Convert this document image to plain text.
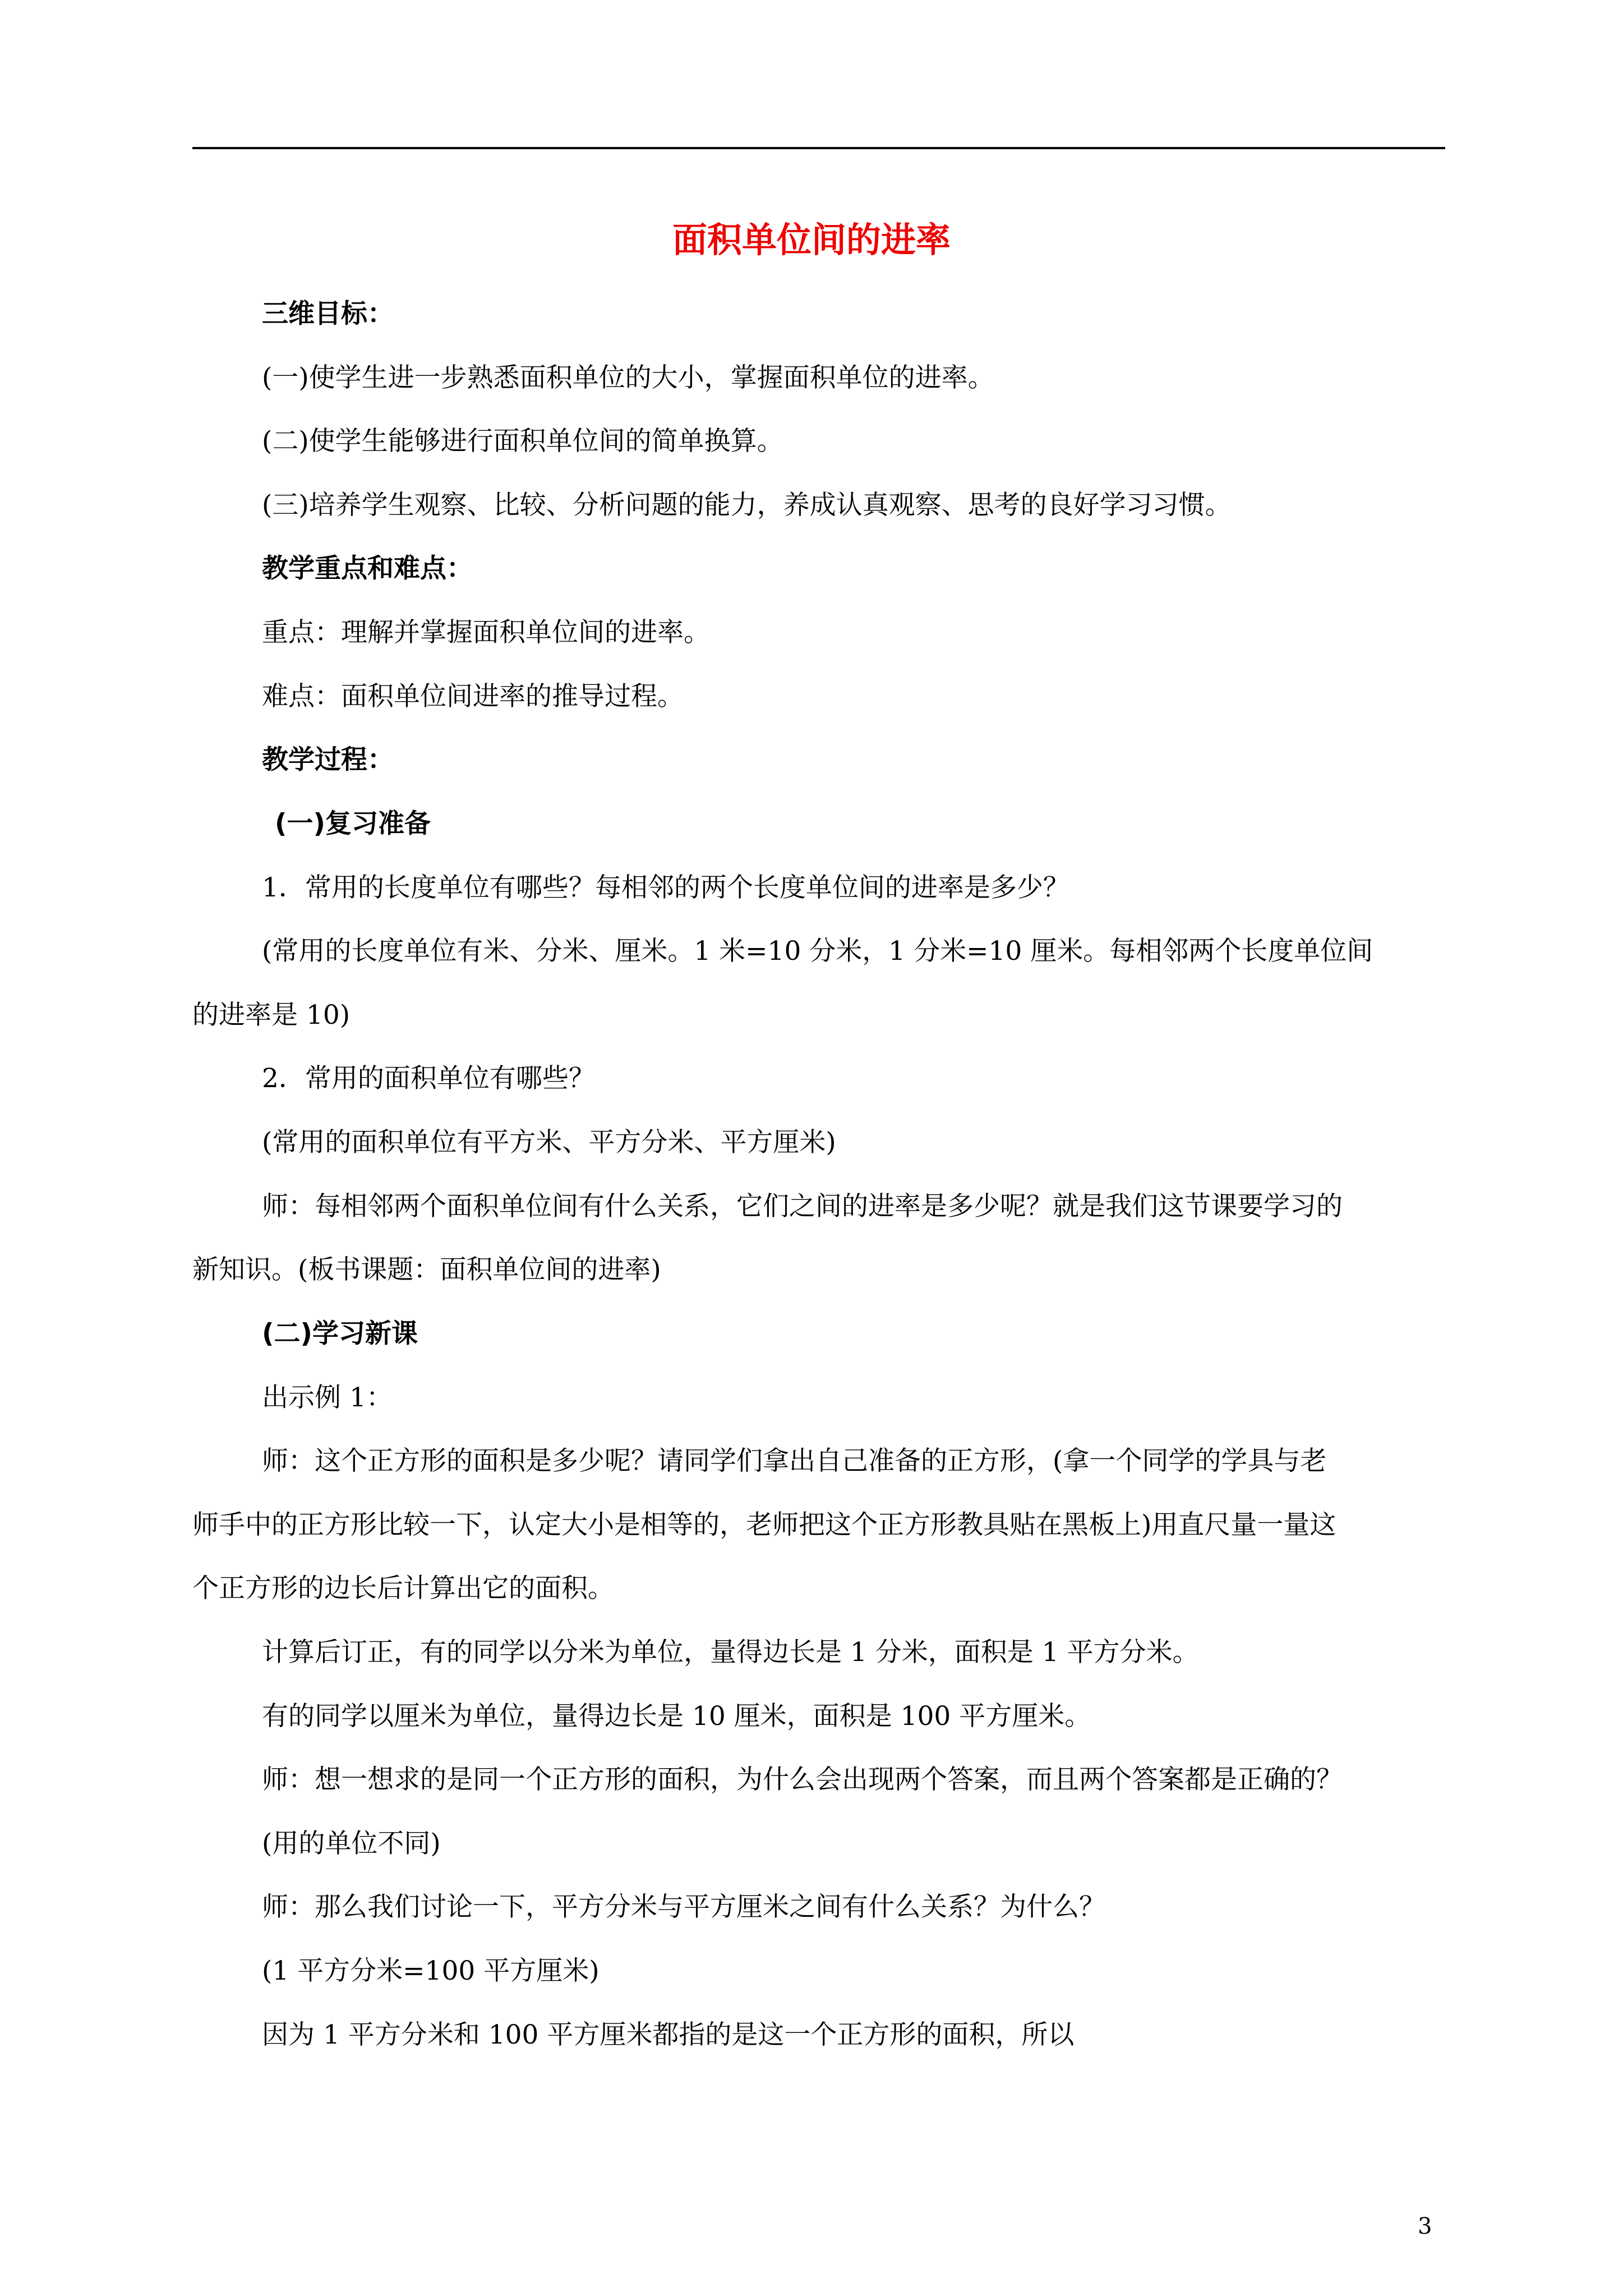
面积单位间的进率
三维目标：
(一)使学生进一步熟悉面积单位的大小，掌握面积单位的进率。
(二)使学生能够进行面积单位间的简单换算。
(三)培养学生观察、比较、分析问题的能力，养成认真观察、思考的良好学习习惯。
教学重点和难点：
重点：理解并掌握面积单位间的进率。
难点：面积单位间进率的推导过程。
教学过程：
(一)复习准备
1．常用的长度单位有哪些？每相邻的两个长度单位间的进率是多少？
(常用的长度单位有米、分米、厘米。1 米=10 分米，1 分米=10 厘米。每相邻两个长度单位间
的进率是 10)
2．常用的面积单位有哪些？
(常用的面积单位有平方米、平方分米、平方厘米)
师：每相邻两个面积单位间有什么关系，它们之间的进率是多少呢？就是我们这节课要学习的
新知识。(板书课题：面积单位间的进率)
(二)学习新课
出示例 1：
师：这个正方形的面积是多少呢？请同学们拿出自己准备的正方形，(拿一个同学的学具与老
师手中的正方形比较一下，认定大小是相等的，老师把这个正方形教具贴在黑板上)用直尺量一量这
个正方形的边长后计算出它的面积。
计算后订正，有的同学以分米为单位，量得边长是 1 分米，面积是 1 平方分米。
有的同学以厘米为单位，量得边长是 10 厘米，面积是 100 平方厘米。
师：想一想求的是同一个正方形的面积，为什么会出现两个答案，而且两个答案都是正确的？
(用的单位不同)
师：那么我们讨论一下，平方分米与平方厘米之间有什么关系？为什么？
(1 平方分米=100 平方厘米)
因为 1 平方分米和 100 平方厘米都指的是这一个正方形的面积，所以
3
